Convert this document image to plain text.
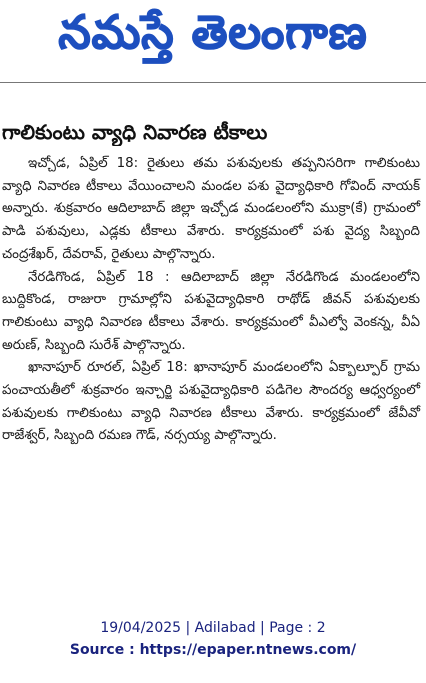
నమస్తే తెలంగాణ
గాలికుంటు వ్యాధి నివారణ టీకాలు

ఇచ్చోడ, ఏప్రిల్ 18: రైతులు తమ పశువులకు తప్పనిసరిగా గాలికుంటు వ్యాధి నివారణ టీకాలు వేయించాలని మండల పశు వైద్యాధికారి గోవింద్ నాయక్ అన్నారు. శుక్రవారం ఆదిలాబాద్ జిల్లా ఇచ్చోడ మండలంలోని ముక్రా(కే) గ్రామంలో పాడి పశువులు, ఎడ్లకు టీకాలు వేశారు. కార్యక్రమంలో పశు వైద్య సిబ్బంది చంద్రశేఖర్, దేవరావ్, రైతులు పాల్గొన్నారు.

నేరడిగొండ, ఏప్రిల్ 18 : ఆదిలాబాద్ జిల్లా నేరడిగొండ మండలంలోని బుద్దికొండ, రాజురా గ్రామాల్లోని పశువైద్యాధికారి రాథోడ్ జీవన్ పశువులకు గాలికుంటు వ్యాధి నివారణ టీకాలు వేశారు. కార్యక్రమంలో వీఎల్వో వెంకన్న, వీఏ అరుణ్, సిబ్బంది సురేశ్ పాల్గొన్నారు.

ఖానాపూర్ రూరల్, ఏప్రిల్ 18: ఖానాపూర్ మండలంలోని ఏక్బాల్పూర్ గ్రామ పంచాయతీలో శుక్రవారం ఇన్చార్జి పశువైద్యాధికారి పడిగెల సౌందర్య ఆధ్వర్యంలో పశువులకు గాలికుంటు వ్యాధి నివారణ టీకాలు వేశారు. కార్యక్రమంలో జేవీవో రాజేశ్వర్, సిబ్బంది రమణ గౌడ్, నర్సయ్య పాల్గొన్నారు.

19/04/2025 | Adilabad | Page : 2
Source : https://epaper.ntnews.com/
